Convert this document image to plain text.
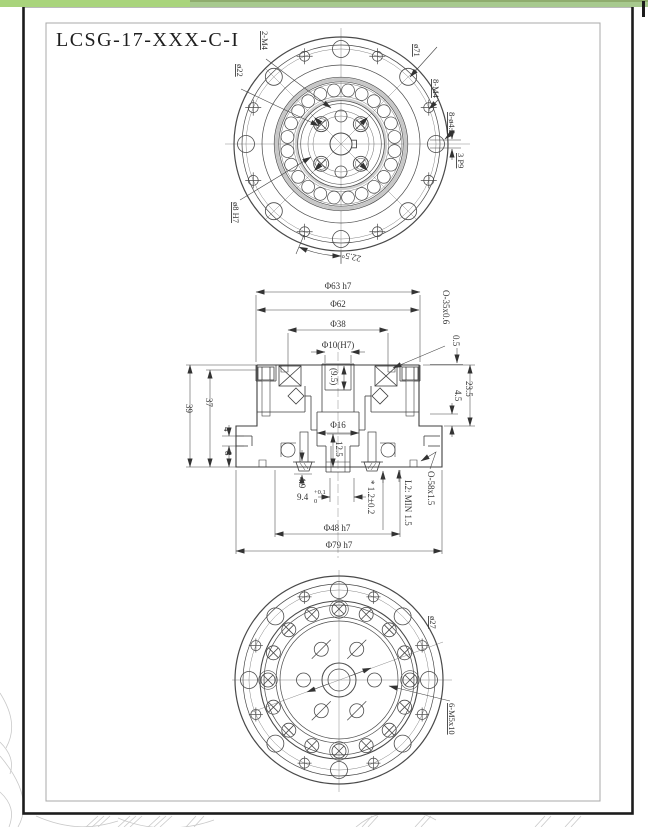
2-M4
ø22
ø71
8-M4
8-ø4.5
3 P9
ø8 H7
22.5°
Φ63 h7
Φ62
Φ38
Φ10(H7)
(9.5)
O-35x0.6
0.5
23.5
4.5
39
37
4
8
Φ16
12.5
4.9
9.4 +0.1
0	* 1.2±0.2	L2: MIN 1.5 O-58x1.5
Φ48 h7
Φ79 h7
ø27
6-M5x10
LCSG-17-XXX-C-I
